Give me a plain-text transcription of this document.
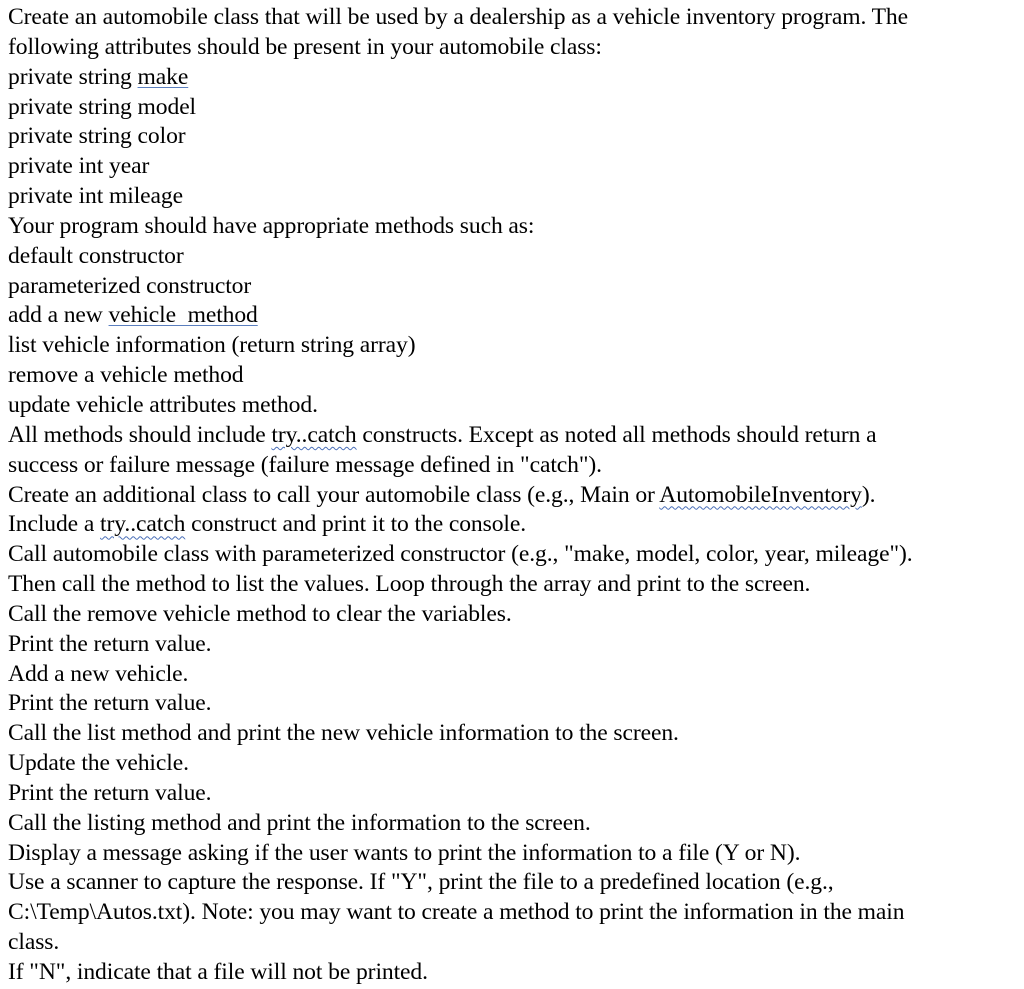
Create an automobile class that will be used by a dealership as a vehicle inventory program. The
following attributes should be present in your automobile class:
private string make
private string model
private string color
private int year
private int mileage
Your program should have appropriate methods such as:
default constructor
parameterized constructor
add a new vehicle  method
list vehicle information (return string array)
remove a vehicle method
update vehicle attributes method.
All methods should include try..catch constructs. Except as noted all methods should return a
success or failure message (failure message defined in "catch").
Create an additional class to call your automobile class (e.g., Main or AutomobileInventory).
Include a try..catch construct and print it to the console.
Call automobile class with parameterized constructor (e.g., "make, model, color, year, mileage").
Then call the method to list the values. Loop through the array and print to the screen.
Call the remove vehicle method to clear the variables.
Print the return value.
Add a new vehicle.
Print the return value.
Call the list method and print the new vehicle information to the screen.
Update the vehicle.
Print the return value.
Call the listing method and print the information to the screen.
Display a message asking if the user wants to print the information to a file (Y or N).
Use a scanner to capture the response. If "Y", print the file to a predefined location (e.g.,
C:\Temp\Autos.txt). Note: you may want to create a method to print the information in the main
class.
If "N", indicate that a file will not be printed.
